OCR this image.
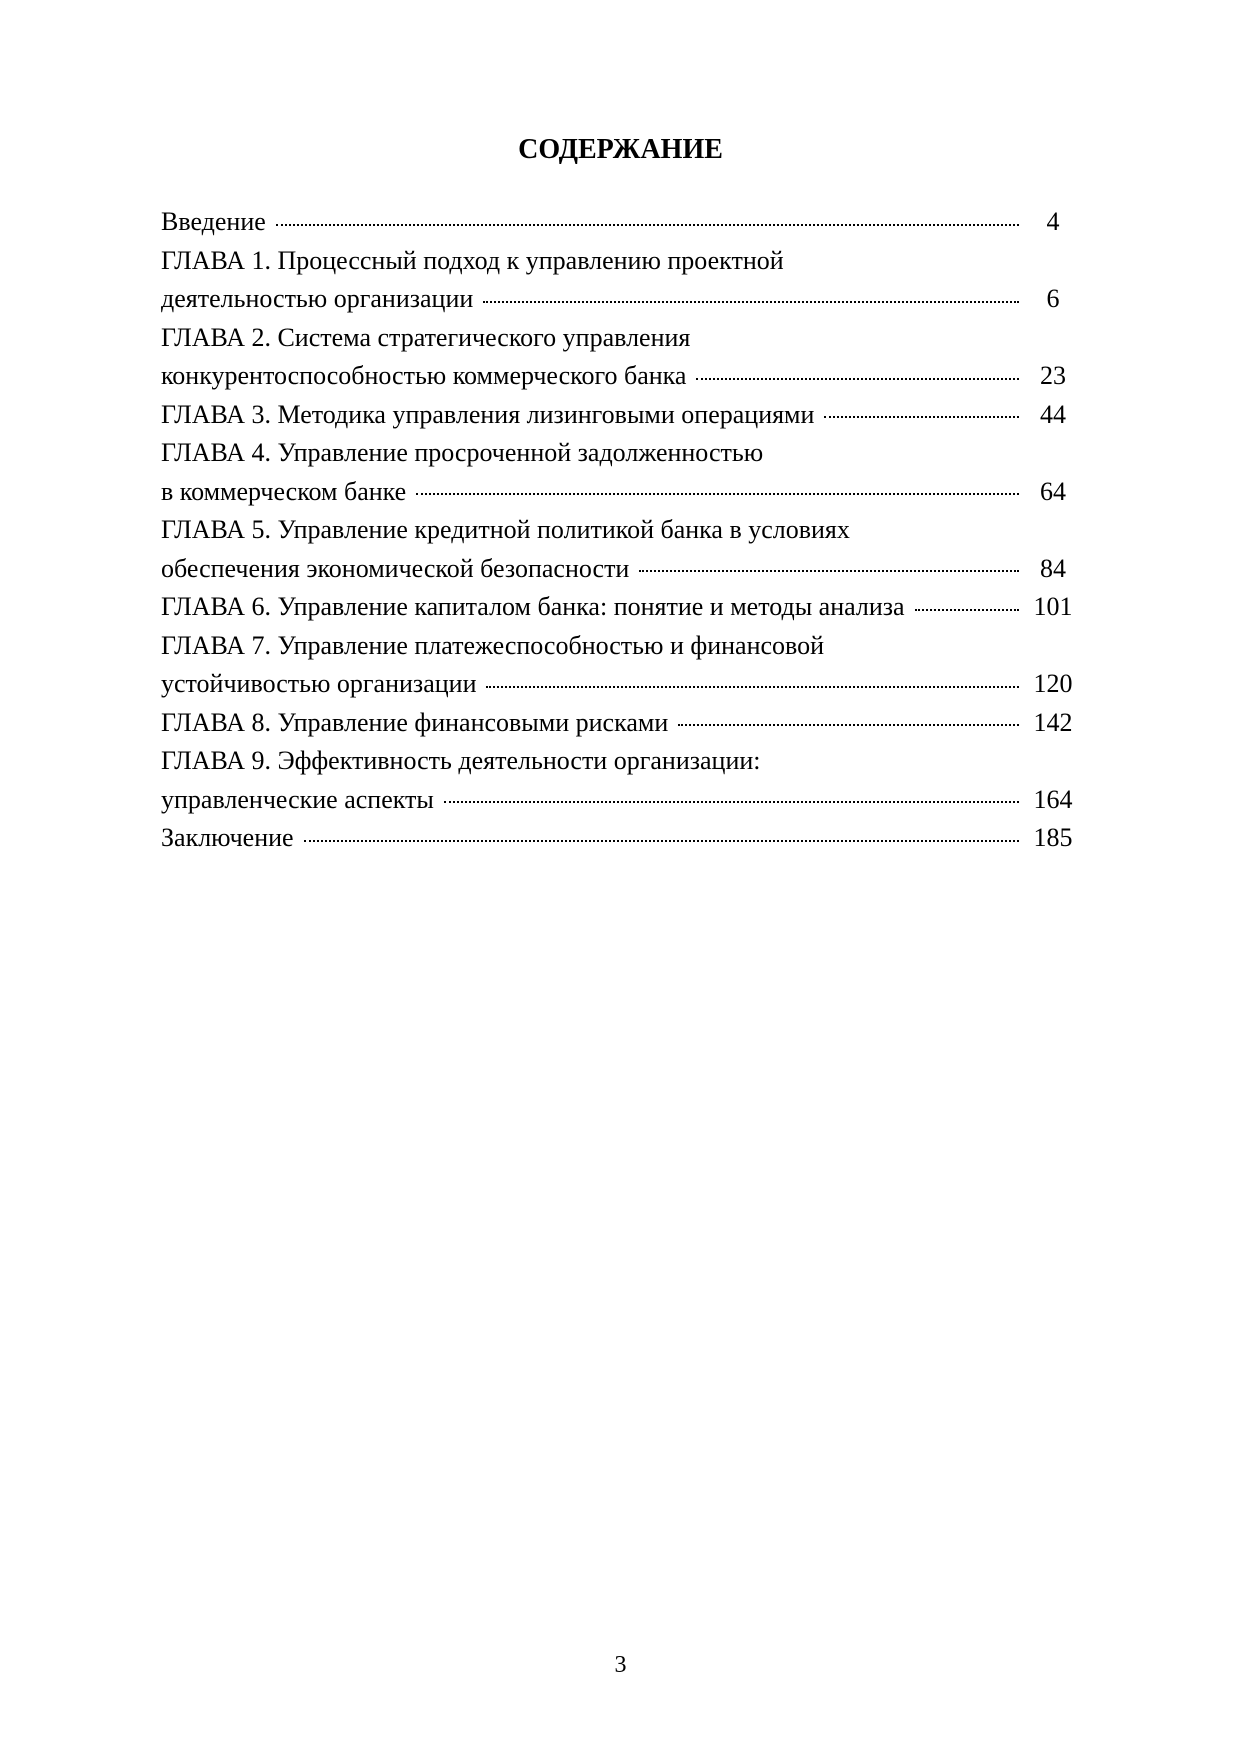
СОДЕРЖАНИЕ
Введение	4
ГЛАВА 1. Процессный подход к управлению проектной
деятельностью организации	6
ГЛАВА 2. Система стратегического управления
конкурентоспособностью коммерческого банка	23
ГЛАВА 3. Методика управления лизинговыми операциями	44
ГЛАВА 4. Управление просроченной задолженностью
в коммерческом банке	64
ГЛАВА 5. Управление кредитной политикой банка в условиях
обеспечения экономической безопасности	84
ГЛАВА 6. Управление капиталом банка: понятие и методы анализа	101
ГЛАВА 7. Управление платежеспособностью и финансовой
устойчивостью организации	120
ГЛАВА 8. Управление финансовыми рисками	142
ГЛАВА 9. Эффективность деятельности организации:
управленческие аспекты	164
Заключение	185
3
